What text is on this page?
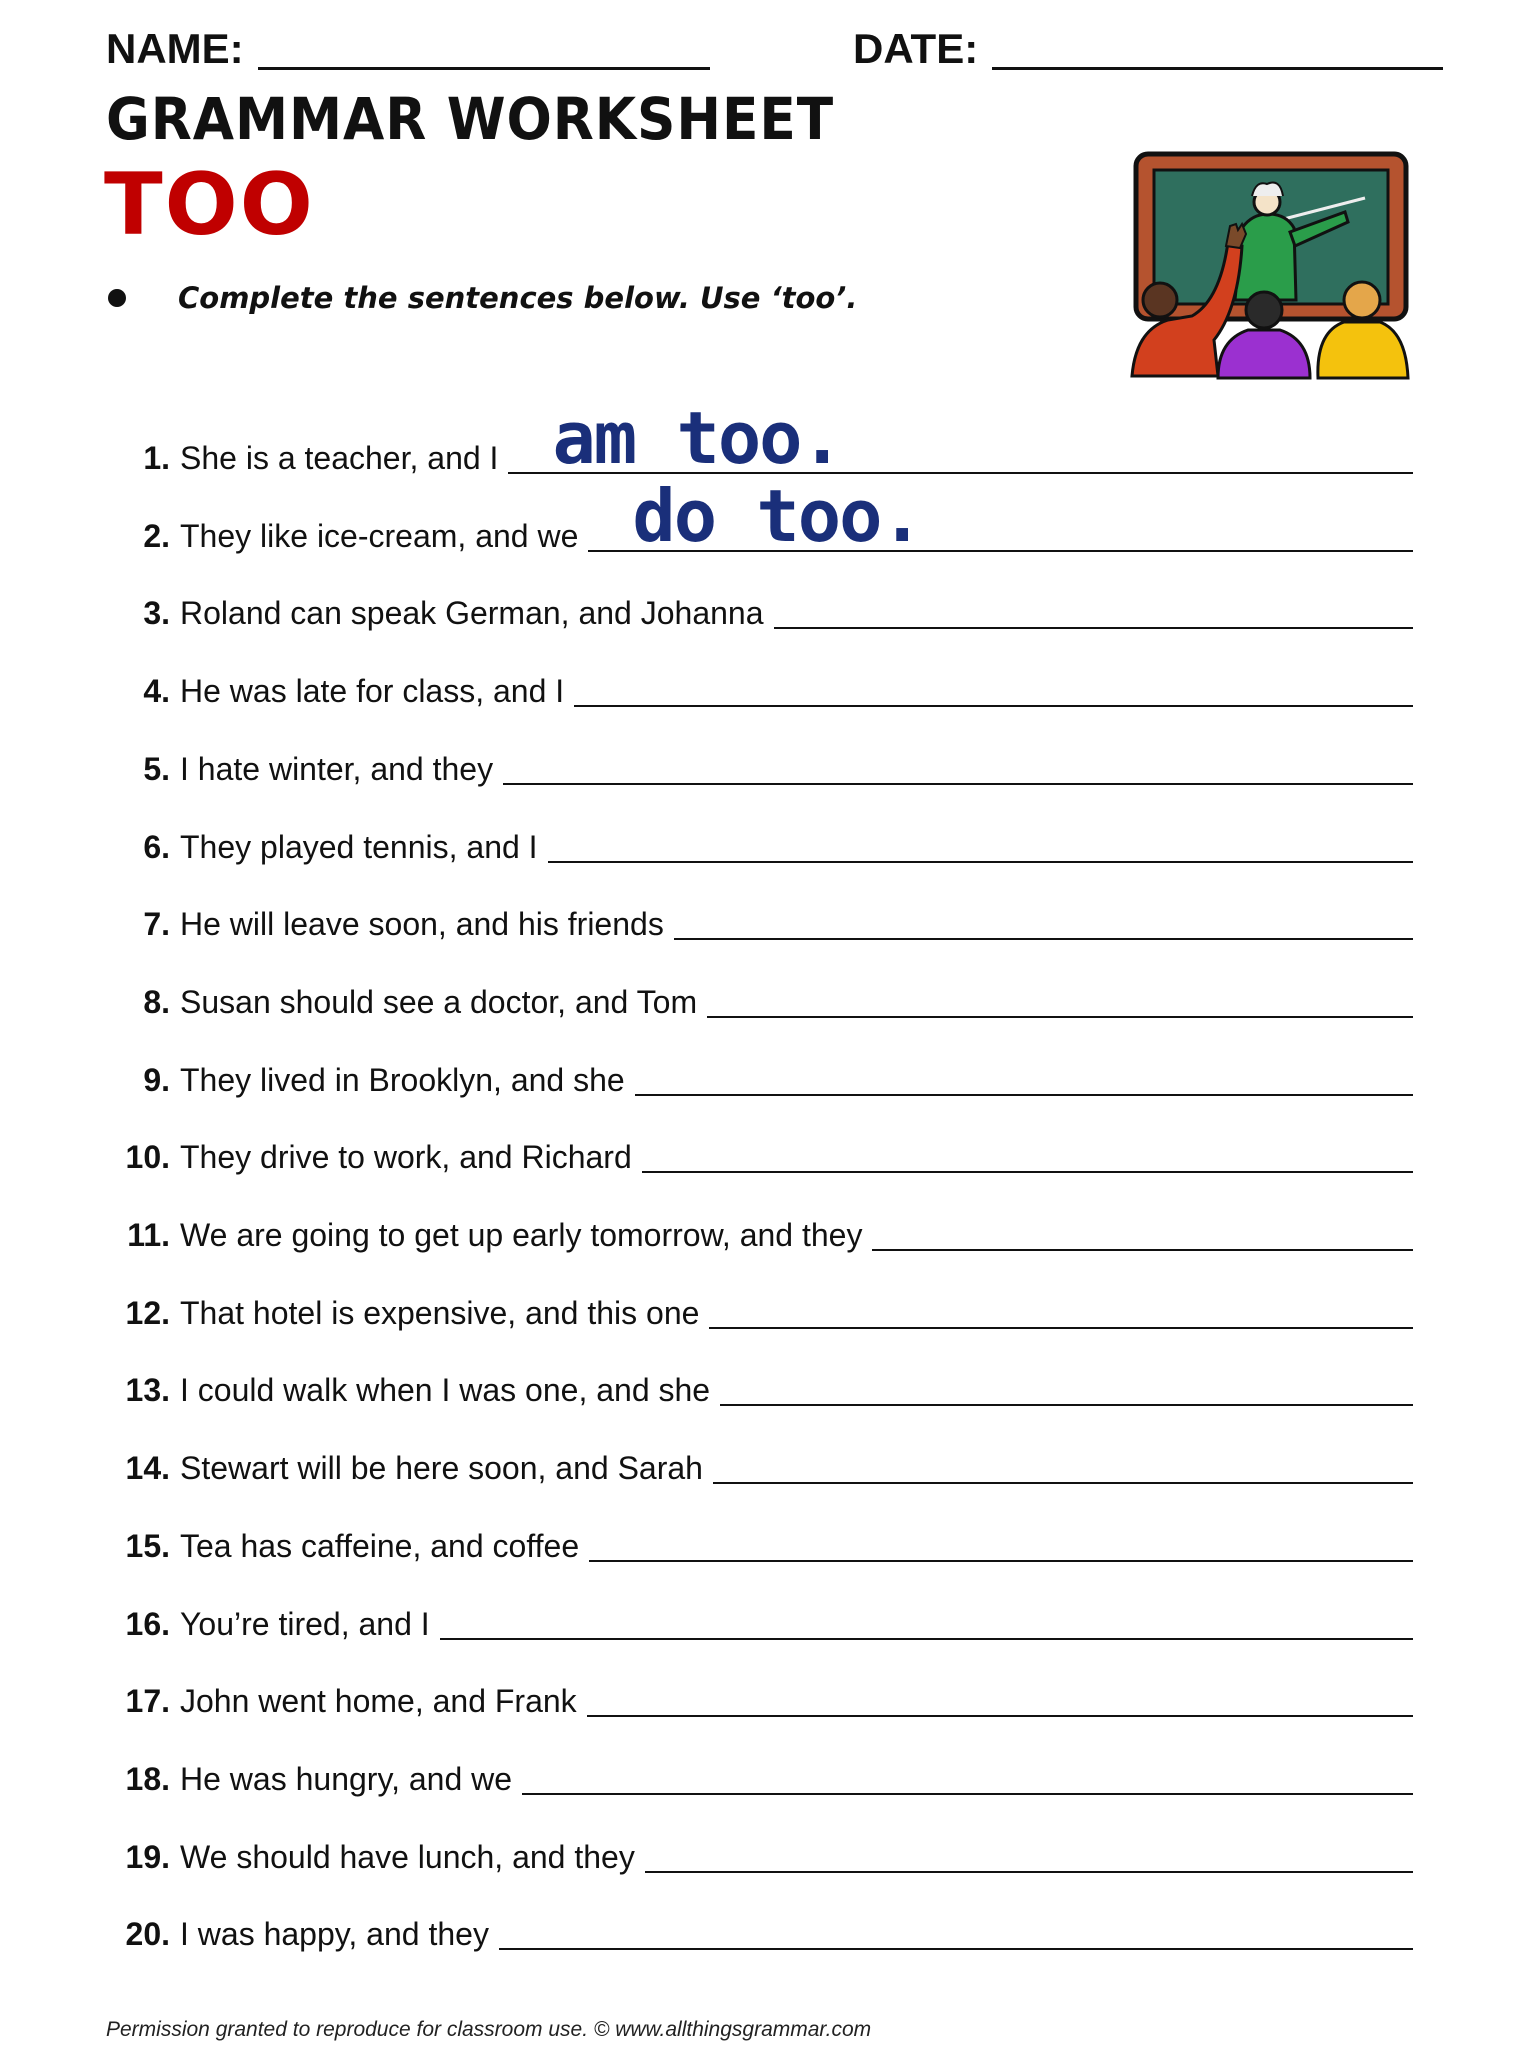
NAME:	DATE:
GRAMMAR WORKSHEET
TOO
Complete the sentences below. Use ‘too’.
1. She is a teacher, and I am too.
2. They like ice-cream, and we do too.
3. Roland can speak German, and Johanna
4. He was late for class, and I
5. I hate winter, and they
6. They played tennis, and I
7. He will leave soon, and his friends
8. Susan should see a doctor, and Tom
9. They lived in Brooklyn, and she
10. They drive to work, and Richard
11. We are going to get up early tomorrow, and they
12. That hotel is expensive, and this one
13. I could walk when I was one, and she
14. Stewart will be here soon, and Sarah
15. Tea has caffeine, and coffee
16. You’re tired, and I
17. John went home, and Frank
18. He was hungry, and we
19. We should have lunch, and they
20. I was happy, and they
Permission granted to reproduce for classroom use. © www.allthingsgrammar.com
